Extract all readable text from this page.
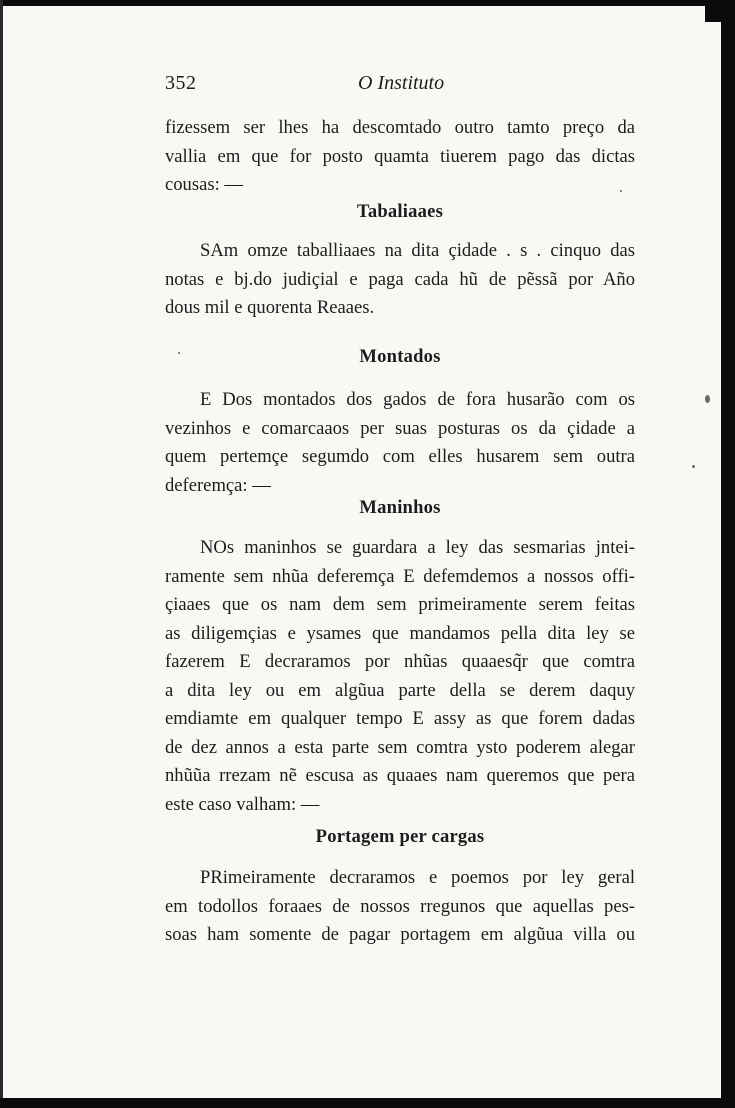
352	O Instituto

fizessem ser lhes ha descomtado outro tamto preço da
vallia em que for posto quamta tiuerem pago das dictas
cousas: —

Tabaliaaes

SAm omze taballiaaes na dita çidade . s . cinquo das
notas e bj.do judiçial e paga cada hũ de pẽssã por Año
dous mil e quorenta Reaaes.

Montados

E Dos montados dos gados de fora husarão com os
vezinhos e comarcaaos per suas posturas os da çidade a
quem pertemçe segumdo com elles husarem sem outra
deferemça: —

Maninhos

NOs maninhos se guardara a ley das sesmarias jntei-
ramente sem nhũa deferemça E defemdemos a nossos offi-
çiaaes que os nam dem sem primeiramente serem feitas
as diligemçias e ysames que mandamos pella dita ley se
fazerem E decraramos por nhũas quaaesq̃r que comtra
a dita ley ou em algũua parte della se derem daquy
emdiamte em qualquer tempo E assy as que forem dadas
de dez annos a esta parte sem comtra ysto poderem alegar
nhũũa rrezam nẽ escusa as quaaes nam queremos que pera
este caso valham: —

Portagem per cargas

PRimeiramente decraramos e poemos por ley geral
em todollos foraaes de nossos rregunos que aquellas pes-
soas ham somente de pagar portagem em algũua villa ou
